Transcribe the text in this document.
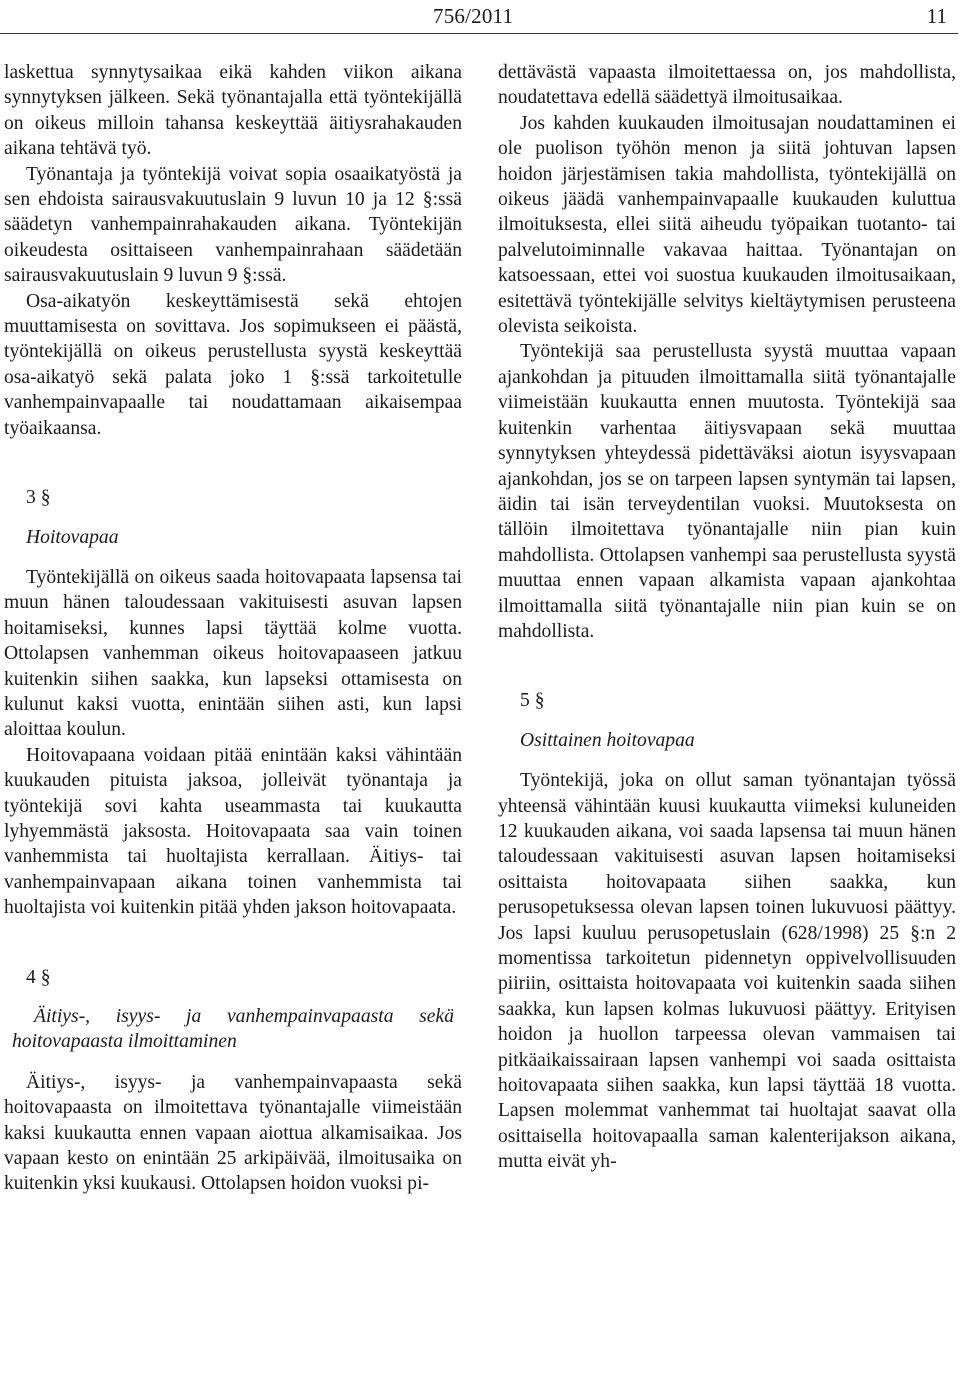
756/2011	11

laskettua synnytysaikaa eikä kahden viikon aikana synnytyksen jälkeen. Sekä työnantajalla että työntekijällä on oikeus milloin tahansa keskeyttää äitiysrahakauden aikana tehtävä työ.

Työnantaja ja työntekijä voivat sopia osaaikatyöstä ja sen ehdoista sairausvakuutuslain 9 luvun 10 ja 12 §:ssä säädetyn vanhempainrahakauden aikana. Työntekijän oikeudesta osittaiseen vanhempainrahaan säädetään sairausvakuutuslain 9 luvun 9 §:ssä.

Osa-aikatyön keskeyttämisestä sekä ehtojen muuttamisesta on sovittava. Jos sopimukseen ei päästä, työntekijällä on oikeus perustellusta syystä keskeyttää osa-aikatyö sekä palata joko 1 §:ssä tarkoitetulle vanhempainvapaalle tai noudattamaan aikaisempaa työaikaansa.

3 §

Hoitovapaa

Työntekijällä on oikeus saada hoitovapaata lapsensa tai muun hänen taloudessaan vakituisesti asuvan lapsen hoitamiseksi, kunnes lapsi täyttää kolme vuotta. Ottolapsen vanhemman oikeus hoitovapaaseen jatkuu kuitenkin siihen saakka, kun lapseksi ottamisesta on kulunut kaksi vuotta, enintään siihen asti, kun lapsi aloittaa koulun.

Hoitovapaana voidaan pitää enintään kaksi vähintään kuukauden pituista jaksoa, jolleivät työnantaja ja työntekijä sovi kahta useammasta tai kuukautta lyhyemmästä jaksosta. Hoitovapaata saa vain toinen vanhemmista tai huoltajista kerrallaan. Äitiys- tai vanhempainvapaan aikana toinen vanhemmista tai huoltajista voi kuitenkin pitää yhden jakson hoitovapaata.

4 §

Äitiys-, isyys- ja vanhempainvapaasta sekä hoitovapaasta ilmoittaminen

Äitiys-, isyys- ja vanhempainvapaasta sekä hoitovapaasta on ilmoitettava työnantajalle viimeistään kaksi kuukautta ennen vapaan aiottua alkamisaikaa. Jos vapaan kesto on enintään 25 arkipäivää, ilmoitusaika on kuitenkin yksi kuukausi. Ottolapsen hoidon vuoksi pi-

dettävästä vapaasta ilmoitettaessa on, jos mahdollista, noudatettava edellä säädettyä ilmoitusaikaa.

Jos kahden kuukauden ilmoitusajan noudattaminen ei ole puolison työhön menon ja siitä johtuvan lapsen hoidon järjestämisen takia mahdollista, työntekijällä on oikeus jäädä vanhempainvapaalle kuukauden kuluttua ilmoituksesta, ellei siitä aiheudu työpaikan tuotanto- tai palvelutoiminnalle vakavaa haittaa. Työnantajan on katsoessaan, ettei voi suostua kuukauden ilmoitusaikaan, esitettävä työntekijälle selvitys kieltäytymisen perusteena olevista seikoista.

Työntekijä saa perustellusta syystä muuttaa vapaan ajankohdan ja pituuden ilmoittamalla siitä työnantajalle viimeistään kuukautta ennen muutosta. Työntekijä saa kuitenkin varhentaa äitiysvapaan sekä muuttaa synnytyksen yhteydessä pidettäväksi aiotun isyysvapaan ajankohdan, jos se on tarpeen lapsen syntymän tai lapsen, äidin tai isän terveydentilan vuoksi. Muutoksesta on tällöin ilmoitettava työnantajalle niin pian kuin mahdollista. Ottolapsen vanhempi saa perustellusta syystä muuttaa ennen vapaan alkamista vapaan ajankohtaa ilmoittamalla siitä työnantajalle niin pian kuin se on mahdollista.

5 §

Osittainen hoitovapaa

Työntekijä, joka on ollut saman työnantajan työssä yhteensä vähintään kuusi kuukautta viimeksi kuluneiden 12 kuukauden aikana, voi saada lapsensa tai muun hänen taloudessaan vakituisesti asuvan lapsen hoitamiseksi osittaista hoitovapaata siihen saakka, kun perusopetuksessa olevan lapsen toinen lukuvuosi päättyy. Jos lapsi kuuluu perusopetuslain (628/1998) 25 §:n 2 momentissa tarkoitetun pidennetyn oppivelvollisuuden piiriin, osittaista hoitovapaata voi kuitenkin saada siihen saakka, kun lapsen kolmas lukuvuosi päättyy. Erityisen hoidon ja huollon tarpeessa olevan vammaisen tai pitkäaikaissairaan lapsen vanhempi voi saada osittaista hoitovapaata siihen saakka, kun lapsi täyttää 18 vuotta. Lapsen molemmat vanhemmat tai huoltajat saavat olla osittaisella hoitovapaalla saman kalenterijakson aikana, mutta eivät yh-
